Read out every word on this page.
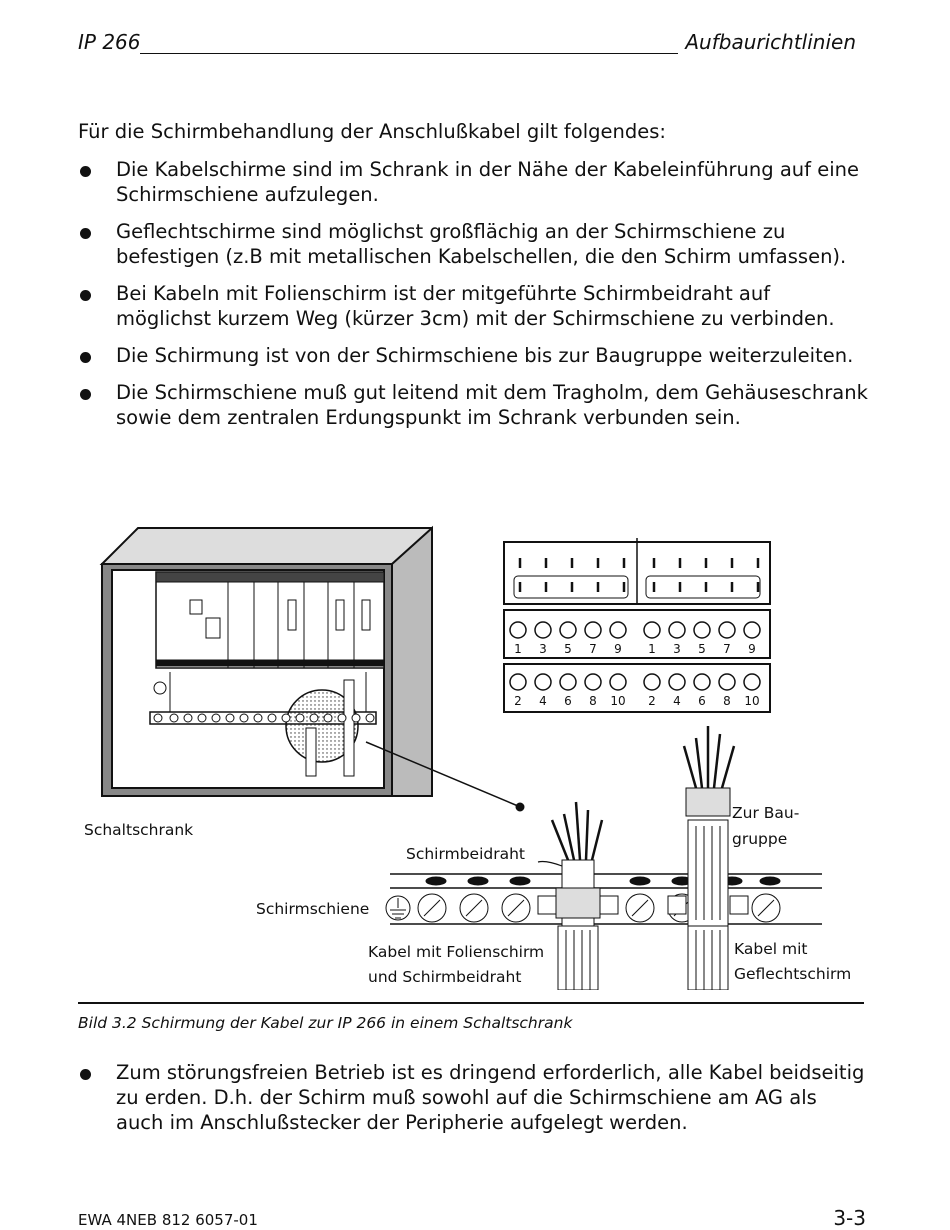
IP 266	Aufbaurichtlinien
Für die Schirmbehandlung der Anschlußkabel gilt folgendes:
Die Kabelschirme sind im Schrank in der Nähe der Kabeleinführung auf eine Schirmschiene aufzulegen.
Geflechtschirme sind möglichst großflächig an der Schirmschiene zu befestigen (z.B mit metallischen Kabelschellen, die den Schirm umfassen).
Bei Kabeln mit Folienschirm ist der mitgeführte Schirmbeidraht auf möglichst kurzem Weg (kürzer 3cm) mit der Schirmschiene zu verbinden.
Die Schirmung ist von der Schirmschiene bis zur Baugruppe weiterzuleiten.
Die Schirmschiene muß gut leitend mit dem Tragholm, dem Gehäuseschrank sowie dem zentralen Erdungspunkt im Schrank verbunden sein.
1 3 5 7 9 1 3 5 7 9
2 4 6 8 10 2 4 6 8 10
Schaltschrank
Schirmbeidraht
Schirmschiene
Zur Bau-
gruppe
Kabel mit Folienschirm
und Schirmbeidraht
Kabel mit
Geflechtschirm
Bild 3.2 Schirmung der Kabel zur IP 266 in einem Schaltschrank
Zum störungsfreien Betrieb ist es dringend erforderlich, alle Kabel beidseitig zu erden. D.h. der Schirm muß sowohl auf die Schirmschiene am AG als auch im Anschlußstecker der Peripherie aufgelegt werden.
EWA 4NEB 812 6057-01	3-3
